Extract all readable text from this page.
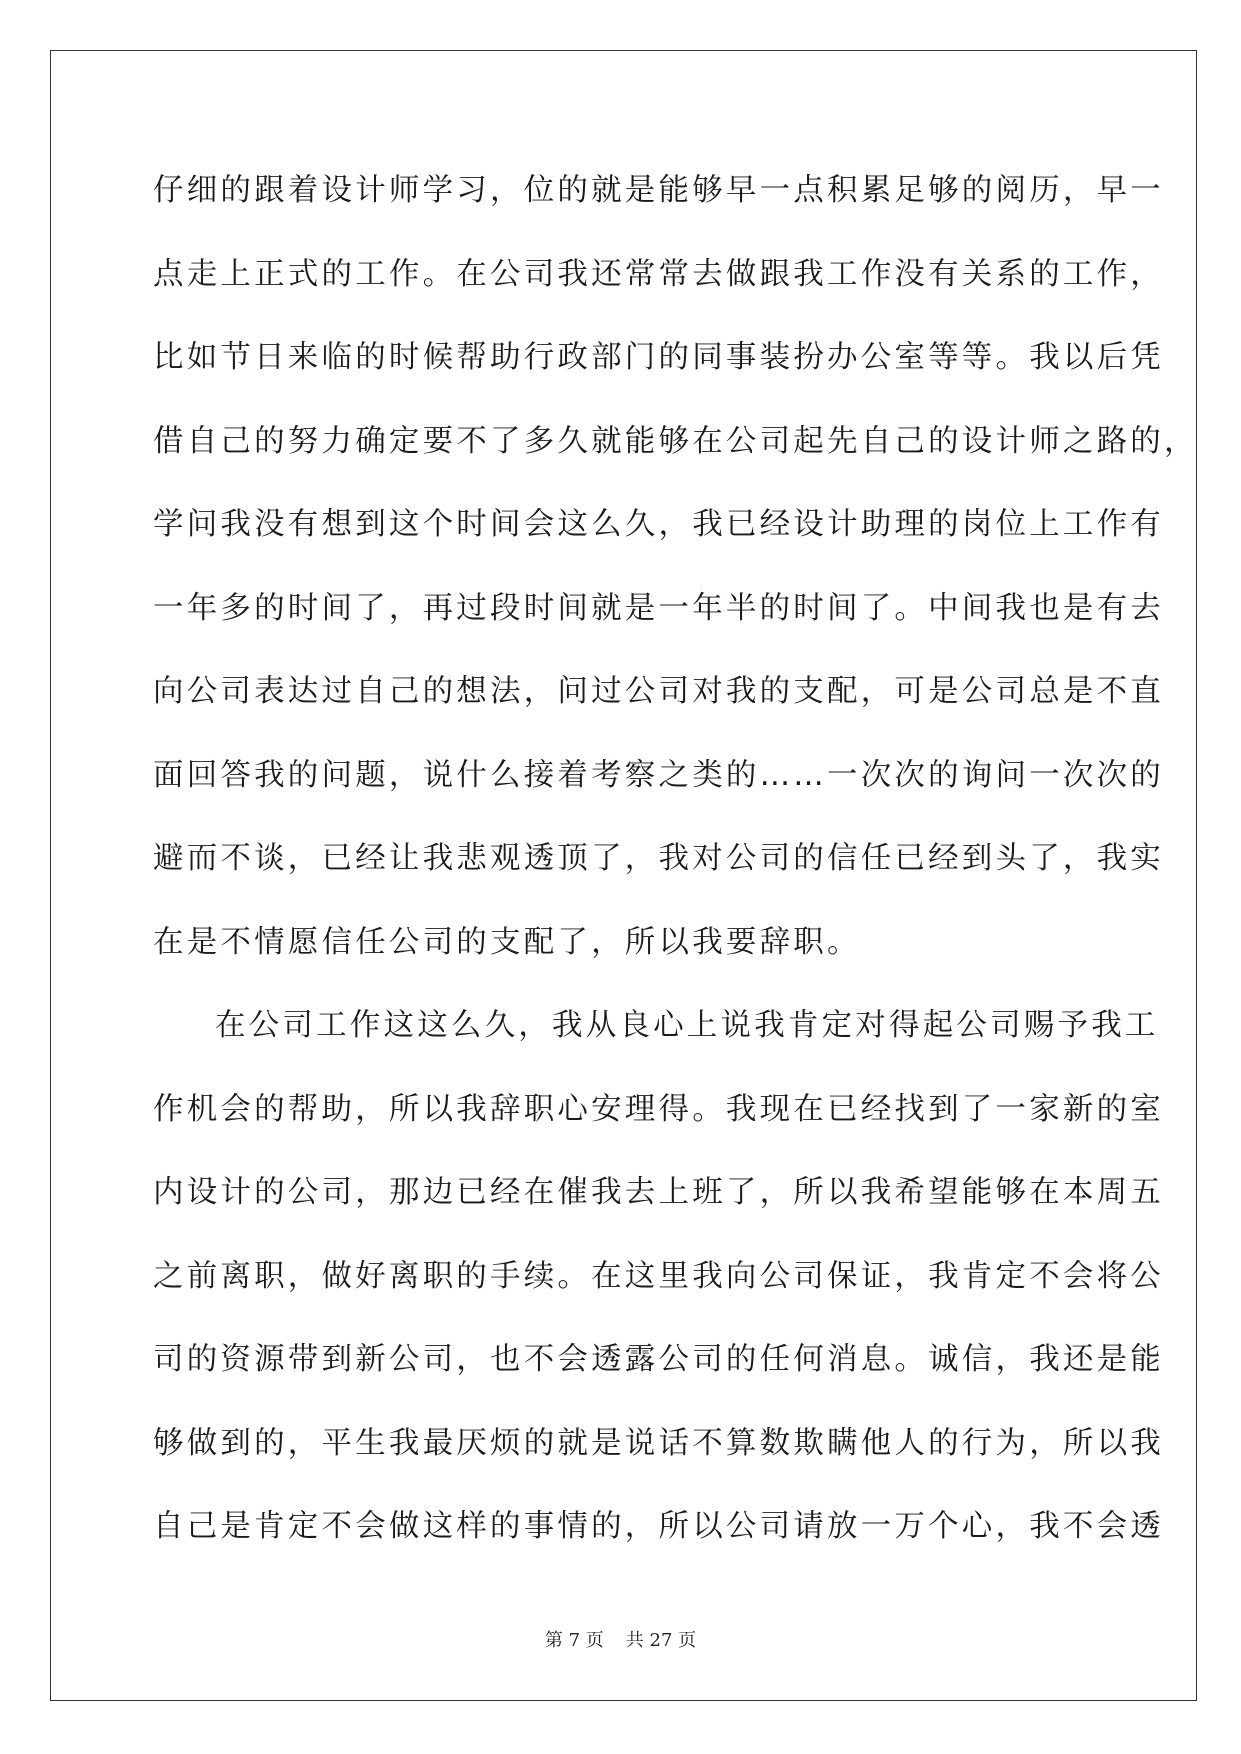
仔细的跟着设计师学习，位的就是能够早一点积累足够的阅历，早一
点走上正式的工作。在公司我还常常去做跟我工作没有关系的工作，
比如节日来临的时候帮助行政部门的同事装扮办公室等等。我以后凭
借自己的努力确定要不了多久就能够在公司起先自己的设计师之路的，
学问我没有想到这个时间会这么久，我已经设计助理的岗位上工作有
一年多的时间了，再过段时间就是一年半的时间了。中间我也是有去
向公司表达过自己的想法，问过公司对我的支配，可是公司总是不直
面回答我的问题，说什么接着考察之类的……一次次的询问一次次的
避而不谈，已经让我悲观透顶了，我对公司的信任已经到头了，我实
在是不情愿信任公司的支配了，所以我要辞职。
在公司工作这这么久，我从良心上说我肯定对得起公司赐予我工
作机会的帮助，所以我辞职心安理得。我现在已经找到了一家新的室
内设计的公司，那边已经在催我去上班了，所以我希望能够在本周五
之前离职，做好离职的手续。在这里我向公司保证，我肯定不会将公
司的资源带到新公司，也不会透露公司的任何消息。诚信，我还是能
够做到的，平生我最厌烦的就是说话不算数欺瞒他人的行为，所以我
自己是肯定不会做这样的事情的，所以公司请放一万个心，我不会透
第 7 页 共 27 页
